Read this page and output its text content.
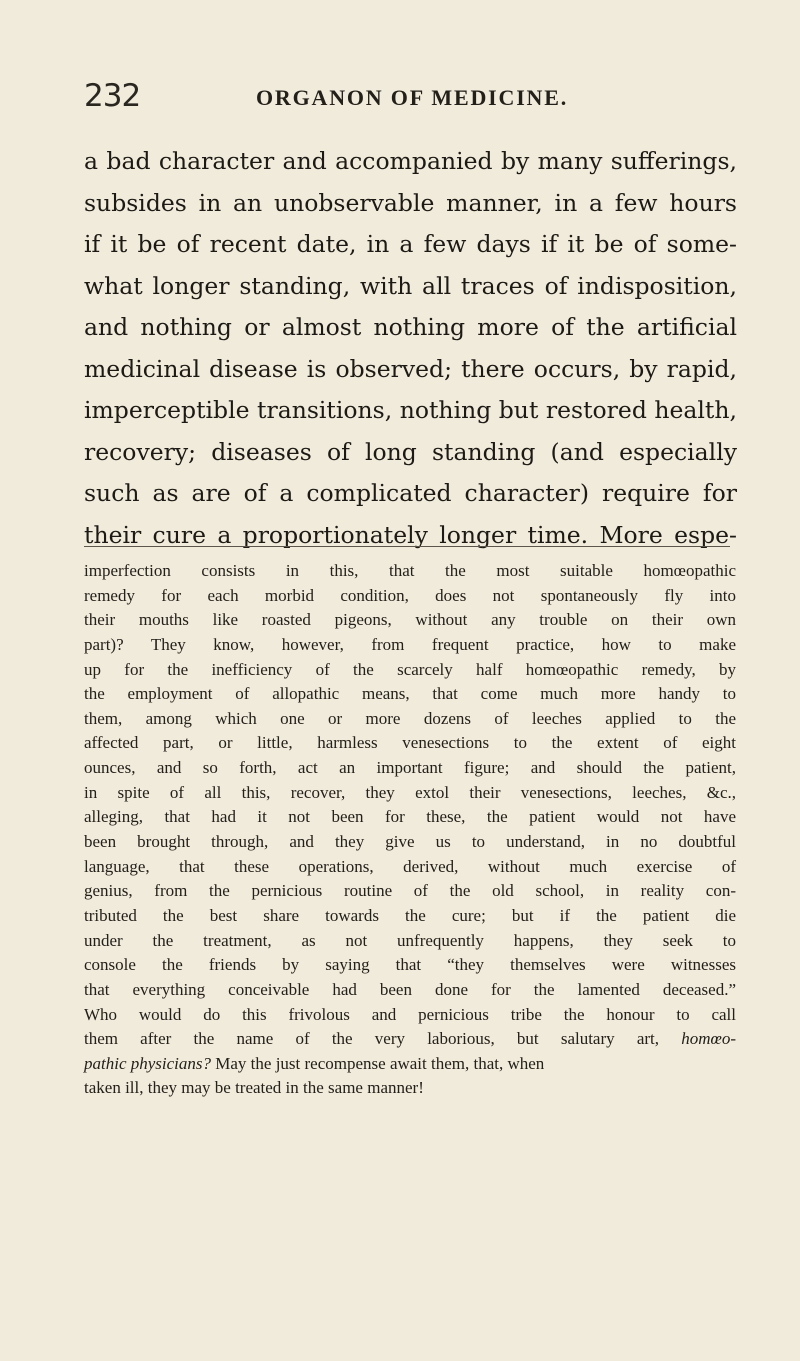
232	ORGANON OF MEDICINE.
a bad character and accompanied by many sufferings,
subsides in an unobservable manner, in a few hours
if it be of recent date, in a few days if it be of some-
what longer standing, with all traces of indisposition,
and nothing or almost nothing more of the artificial
medicinal disease is observed; there occurs, by rapid,
imperceptible transitions, nothing but restored health,
recovery; diseases of long standing (and especially
such as are of a complicated character) require for
their cure a proportionately longer time. More espe-
imperfection consists in this, that the most suitable homœopathic
remedy for each morbid condition, does not spontaneously fly into
their mouths like roasted pigeons, without any trouble on their own
part)? They know, however, from frequent practice, how to make
up for the inefficiency of the scarcely half homœopathic remedy, by
the employment of allopathic means, that come much more handy to
them, among which one or more dozens of leeches applied to the
affected part, or little, harmless venesections to the extent of eight
ounces, and so forth, act an important figure; and should the patient,
in spite of all this, recover, they extol their venesections, leeches, &c.,
alleging, that had it not been for these, the patient would not have
been brought through, and they give us to understand, in no doubtful
language, that these operations, derived, without much exercise of
genius, from the pernicious routine of the old school, in reality con-
tributed the best share towards the cure; but if the patient die
under the treatment, as not unfrequently happens, they seek to
console the friends by saying that “they themselves were witnesses
that everything conceivable had been done for the lamented deceased.”
Who would do this frivolous and pernicious tribe the honour to call
them after the name of the very laborious, but salutary art, homœo-
pathic physicians? May the just recompense await them, that, when
taken ill, they may be treated in the same manner!
